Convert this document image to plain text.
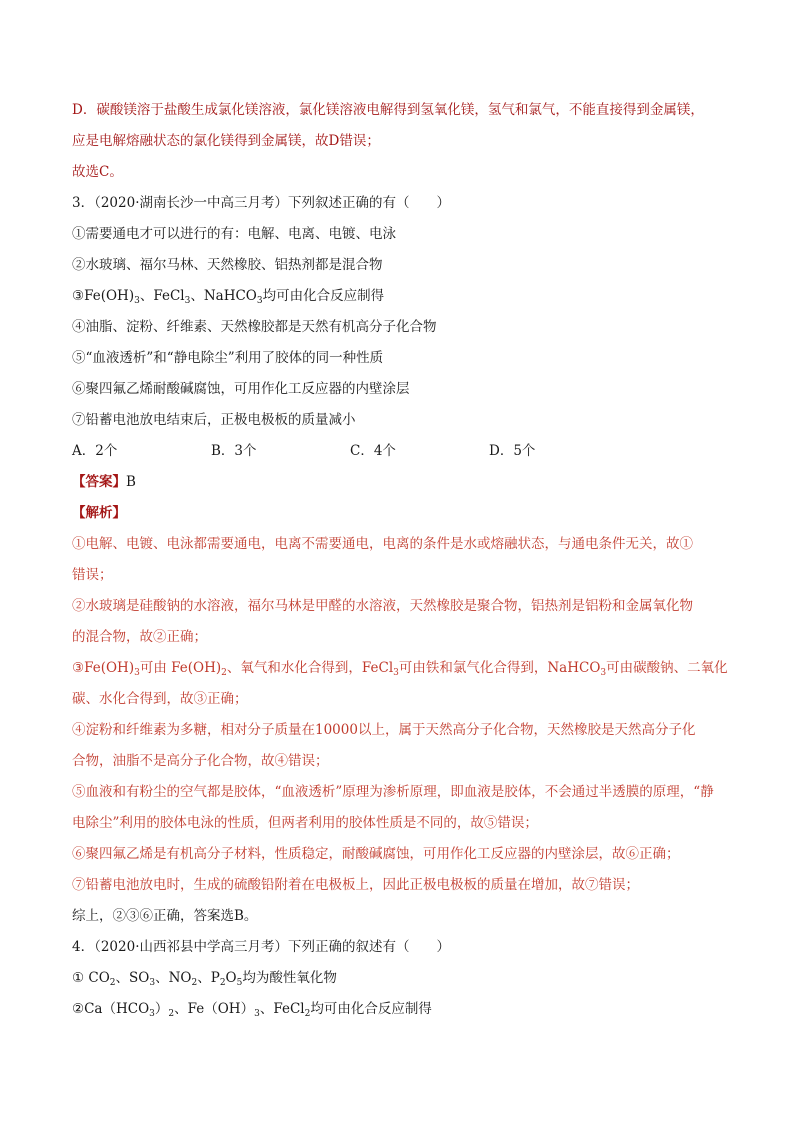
D．碳酸镁溶于盐酸生成氯化镁溶液，氯化镁溶液电解得到氢氧化镁，氢气和氯气，不能直接得到金属镁，
应是电解熔融状态的氯化镁得到金属镁，故D错误；
故选C。
3．（2020·湖南长沙一中高三月考）下列叙述正确的有（　　）
①需要通电才可以进行的有：电解、电离、电镀、电泳
②水玻璃、福尔马林、天然橡胶、铝热剂都是混合物
$③Fe(OH)_3$、FeCl$_3$、NaHCO$_3$均可由化合反应制得
④油脂、淀粉、纤维素、天然橡胶都是天然有机高分子化合物
⑤“血液透析”和“静电除尘”利用了胶体的同一种性质
⑥聚四氟乙烯耐酸碱腐蚀，可用作化工反应器的内壁涂层
⑦铅蓄电池放电结束后，正极电极板的质量减小
A．2个	B．3个	C．4个	D．5个
【答案】B
【解析】
①电解、电镀、电泳都需要通电，电离不需要通电，电离的条件是水或熔融状态，与通电条件无关，故①
错误；
②水玻璃是硅酸钠的水溶液，福尔马林是甲醛的水溶液，天然橡胶是聚合物，铝热剂是铝粉和金属氧化物
的混合物，故②正确；
$③Fe(OH)_3$可由 $Fe(OH)_2$、氧气和水化合得到，FeCl$_3$可由铁和氯气化合得到，NaHCO$_3$可由碳酸钠、二氧化
碳、水化合得到，故③正确；
④淀粉和纤维素为多糖，相对分子质量在10000以上，属于天然高分子化合物，天然橡胶是天然高分子化
合物，油脂不是高分子化合物，故④错误；
⑤血液和有粉尘的空气都是胶体，“血液透析”原理为渗析原理，即血液是胶体，不会通过半透膜的原理，“静
电除尘”利用的胶体电泳的性质，但两者利用的胶体性质是不同的，故⑤错误；
⑥聚四氟乙烯是有机高分子材料，性质稳定，耐酸碱腐蚀，可用作化工反应器的内壁涂层，故⑥正确；
⑦铅蓄电池放电时，生成的硫酸铅附着在电极板上，因此正极电极板的质量在增加，故⑦错误；
综上，②③⑥正确，答案选B。
4．（2020·山西祁县中学高三月考）下列正确的叙述有（　　）
① $CO_2$、$SO_3$、$NO_2$、$P_2O_5$均为酸性氧化物
$②Ca(HCO_3)_2$、$Fe(OH)_3$、FeCl$_2$均可由化合反应制得
